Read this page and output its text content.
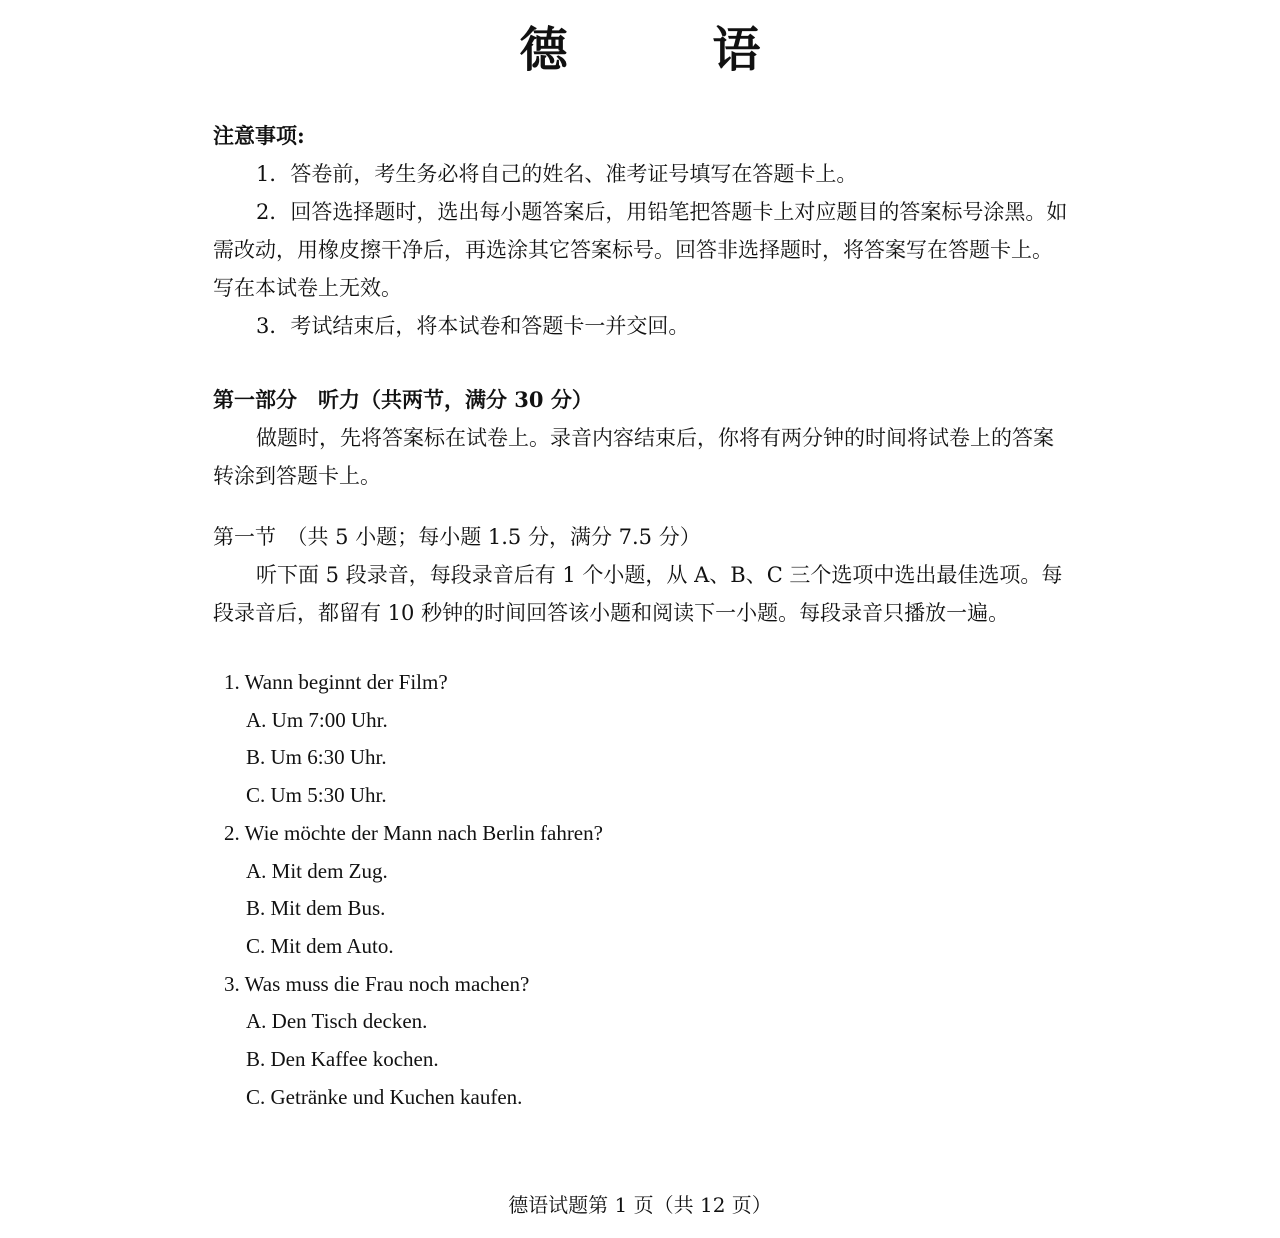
德 语

注意事项:

1．答卷前，考生务必将自己的姓名、准考证号填写在答题卡上。

2．回答选择题时，选出每小题答案后，用铅笔把答题卡上对应题目的答案标号涂黑。如需改动，用橡皮擦干净后，再选涂其它答案标号。回答非选择题时，将答案写在答题卡上。写在本试卷上无效。

3．考试结束后，将本试卷和答题卡一并交回。

第一部分　听力（共两节，满分 30 分）

做题时，先将答案标在试卷上。录音内容结束后，你将有两分钟的时间将试卷上的答案转涂到答题卡上。

第一节　（共 5 小题；每小题 1.5 分，满分 7.5 分）

听下面 5 段录音，每段录音后有 1 个小题，从 A、B、C 三个选项中选出最佳选项。每段录音后，都留有 10 秒钟的时间回答该小题和阅读下一小题。每段录音只播放一遍。

1. Wann beginnt der Film?

A. Um 7:00 Uhr.

B. Um 6:30 Uhr.

C. Um 5:30 Uhr.

2. Wie möchte der Mann nach Berlin fahren?

A. Mit dem Zug.

B. Mit dem Bus.

C. Mit dem Auto.

3. Was muss die Frau noch machen?

A. Den Tisch decken.

B. Den Kaffee kochen.

C. Getränke und Kuchen kaufen.

德语试题第 1 页（共 12 页）
